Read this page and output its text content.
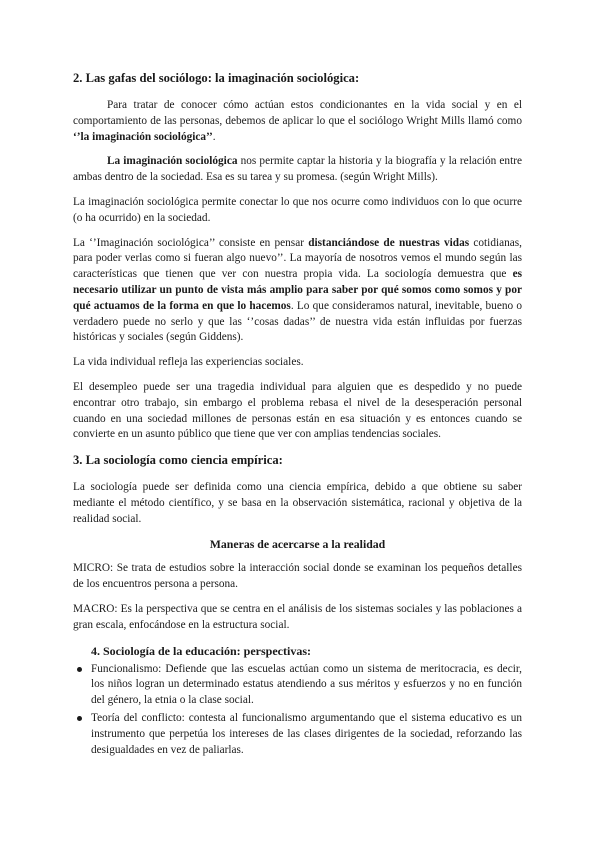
2. Las gafas del sociólogo: la imaginación sociológica:

Para tratar de conocer cómo actúan estos condicionantes en la vida social y en el comportamiento de las personas, debemos de aplicar lo que el sociólogo Wright Mills llamó como ‘’la imaginación sociológica’’.

La imaginación sociológica nos permite captar la historia y la biografía y la relación entre ambas dentro de la sociedad. Esa es su tarea y su promesa. (según Wright Mills).

La imaginación sociológica permite conectar lo que nos ocurre como individuos con lo que ocurre (o ha ocurrido) en la sociedad.

La ‘’Imaginación sociológica’’ consiste en pensar distanciándose de nuestras vidas cotidianas, para poder verlas como si fueran algo nuevo’’. La mayoría de nosotros vemos el mundo según las características que tienen que ver con nuestra propia vida. La sociología demuestra que es necesario utilizar un punto de vista más amplio para saber por qué somos como somos y por qué actuamos de la forma en que lo hacemos. Lo que consideramos natural, inevitable, bueno o verdadero puede no serlo y que las ‘’cosas dadas’’ de nuestra vida están influidas por fuerzas históricas y sociales (según Giddens).

La vida individual refleja las experiencias sociales.

El desempleo puede ser una tragedia individual para alguien que es despedido y no puede encontrar otro trabajo, sin embargo el problema rebasa el nivel de la desesperación personal cuando en una sociedad millones de personas están en esa situación y es entonces cuando se convierte en un asunto público que tiene que ver con amplias tendencias sociales.

3. La sociología como ciencia empírica:

La sociología puede ser definida como una ciencia empírica, debido a que obtiene su saber mediante el método científico, y se basa en la observación sistemática, racional y objetiva de la realidad social.

Maneras de acercarse a la realidad

MICRO: Se trata de estudios sobre la interacción social donde se examinan los pequeños detalles de los encuentros persona a persona.

MACRO: Es la perspectiva que se centra en el análisis de los sistemas sociales y las poblaciones a gran escala, enfocándose en la estructura social.

4. Sociología de la educación: perspectivas:
Funcionalismo: Defiende que las escuelas actúan como un sistema de meritocracia, es decir, los niños logran un determinado estatus atendiendo a sus méritos y esfuerzos y no en función del género, la etnia o la clase social.
Teoría del conflicto: contesta al funcionalismo argumentando que el sistema educativo es un instrumento que perpetúa los intereses de las clases dirigentes de la sociedad, reforzando las desigualdades en vez de paliarlas.
